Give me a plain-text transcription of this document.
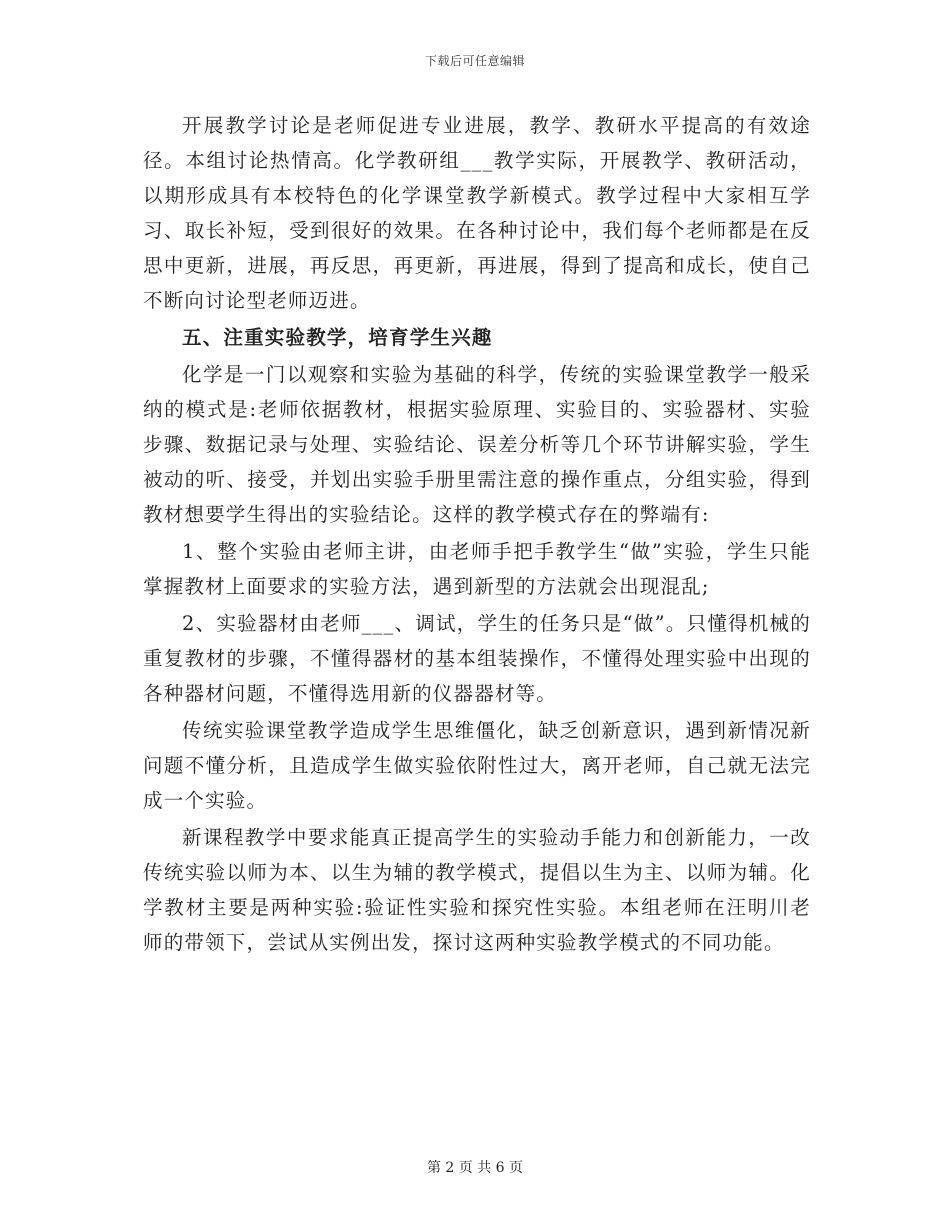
下载后可任意编辑

开展教学讨论是老师促进专业进展，教学、教研水平提高的有效途径。本组讨论热情高。化学教研组___教学实际，开展教学、教研活动，以期形成具有本校特色的化学课堂教学新模式。教学过程中大家相互学习、取长补短，受到很好的效果。在各种讨论中，我们每个老师都是在反思中更新，进展，再反思，再更新，再进展，得到了提高和成长，使自己不断向讨论型老师迈进。

五、注重实验教学，培育学生兴趣

化学是一门以观察和实验为基础的科学，传统的实验课堂教学一般采纳的模式是:老师依据教材，根据实验原理、实验目的、实验器材、实验步骤、数据记录与处理、实验结论、误差分析等几个环节讲解实验，学生被动的听、接受，并划出实验手册里需注意的操作重点，分组实验，得到教材想要学生得出的实验结论。这样的教学模式存在的弊端有:

1、整个实验由老师主讲，由老师手把手教学生“做”实验，学生只能掌握教材上面要求的实验方法，遇到新型的方法就会出现混乱;

2、实验器材由老师___、调试，学生的任务只是“做”。只懂得机械的重复教材的步骤，不懂得器材的基本组装操作，不懂得处理实验中出现的各种器材问题，不懂得选用新的仪器器材等。

传统实验课堂教学造成学生思维僵化，缺乏创新意识，遇到新情况新问题不懂分析，且造成学生做实验依附性过大，离开老师，自己就无法完成一个实验。

新课程教学中要求能真正提高学生的实验动手能力和创新能力，一改传统实验以师为本、以生为辅的教学模式，提倡以生为主、以师为辅。化学教材主要是两种实验:验证性实验和探究性实验。本组老师在汪明川老师的带领下，尝试从实例出发，探讨这两种实验教学模式的不同功能。

第 2 页 共 6 页
